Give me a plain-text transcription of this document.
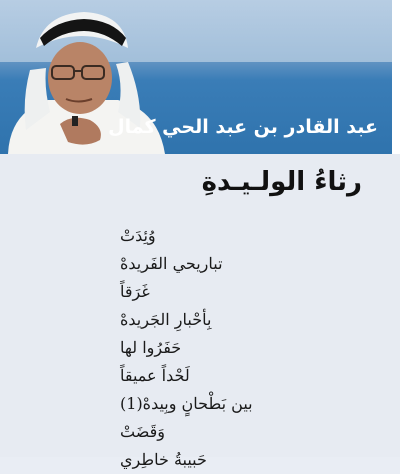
عبد القادر بن عبد الحي كمال
رثاءُ الولـيـدةِ
وُئِدَتْ
تباريحي الفَريدهْ
غَرَقاً
بِأحْبارِ الجَريدهْ
حَفَرُوا لها
لَحْداً عميقاً
بين بَطْحانٍ وبِيدهْ(1)
وَقَضَتْ
حَبيبةُ خاطِري
